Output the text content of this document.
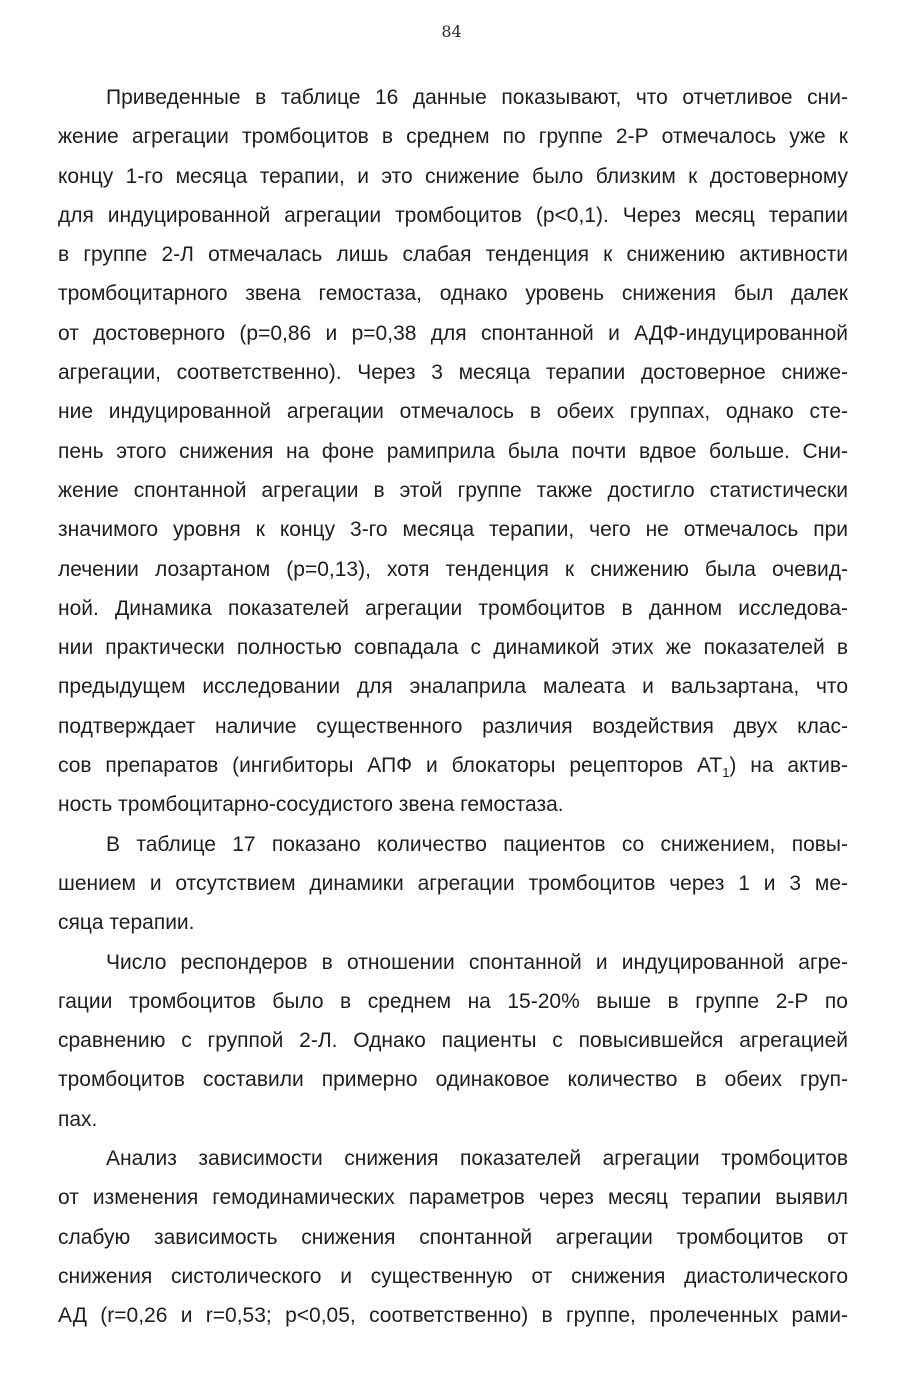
84
Приведенные в таблице 16 данные показывают, что отчетливое сни-
жение агрегации тромбоцитов в среднем по группе 2-Р отмечалось уже к
концу 1-го месяца терапии, и это снижение было близким к достоверному
для индуцированной агрегации тромбоцитов (р<0,1). Через месяц терапии
в группе 2-Л отмечалась лишь слабая тенденция к снижению активности
тромбоцитарного звена гемостаза, однако уровень снижения был далек
от достоверного (р=0,86 и р=0,38 для спонтанной и АДФ-индуцированной
агрегации, соответственно). Через 3 месяца терапии достоверное сниже-
ние индуцированной агрегации отмечалось в обеих группах, однако сте-
пень этого снижения на фоне рамиприла была почти вдвое больше. Сни-
жение спонтанной агрегации в этой группе также достигло статистически
значимого уровня к концу 3-го месяца терапии, чего не отмечалось при
лечении лозартаном (р=0,13), хотя тенденция к снижению была очевид-
ной. Динамика показателей агрегации тромбоцитов в данном исследова-
нии практически полностью совпадала с динамикой этих же показателей в
предыдущем исследовании для эналаприла малеата и вальзартана, что
подтверждает наличие существенного различия воздействия двух клас-
сов препаратов (ингибиторы АПФ и блокаторы рецепторов $АТ_1$) на актив-
ность тромбоцитарно-сосудистого звена гемостаза.
В таблице 17 показано количество пациентов со снижением, повы-
шением и отсутствием динамики агрегации тромбоцитов через 1 и 3 ме-
сяца терапии.
Число респондеров в отношении спонтанной и индуцированной агре-
гации тромбоцитов было в среднем на 15-20% выше в группе 2-Р по
сравнению с группой 2-Л. Однако пациенты с повысившейся агрегацией
тромбоцитов составили примерно одинаковое количество в обеих груп-
пах.
Анализ зависимости снижения показателей агрегации тромбоцитов
от изменения гемодинамических параметров через месяц терапии выявил
слабую зависимость снижения спонтанной агрегации тромбоцитов от
снижения систолического и существенную от снижения диастолического
АД (r=0,26 и r=0,53; р<0,05, соответственно) в группе, пролеченных рами-
